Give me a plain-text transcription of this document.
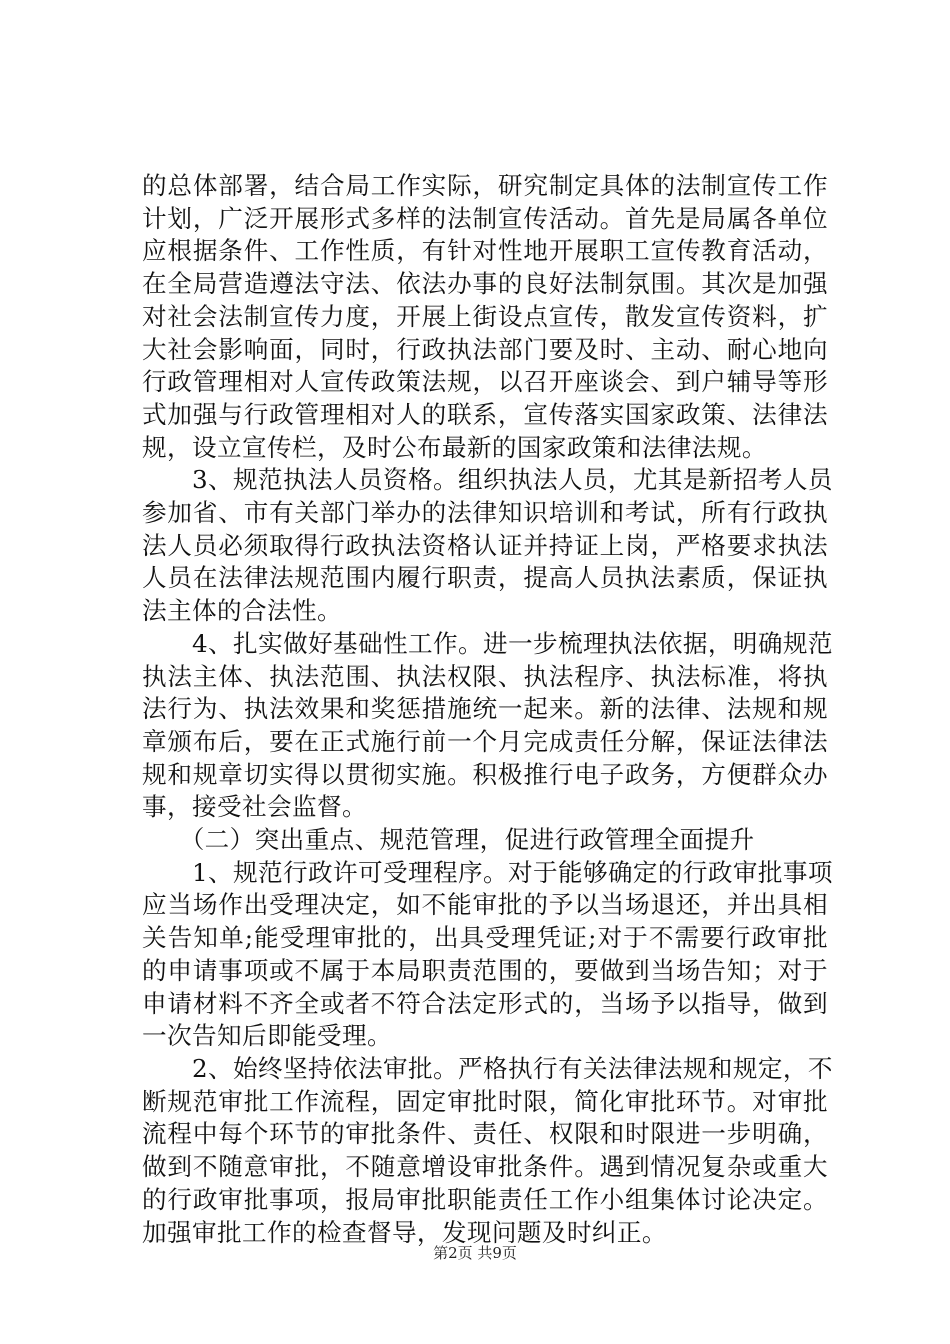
的总体部署，结合局工作实际，研究制定具体的法制宣传工作
计划，广泛开展形式多样的法制宣传活动。首先是局属各单位
应根据条件、工作性质，有针对性地开展职工宣传教育活动，
在全局营造遵法守法、依法办事的良好法制氛围。其次是加强
对社会法制宣传力度，开展上街设点宣传，散发宣传资料，扩
大社会影响面，同时，行政执法部门要及时、主动、耐心地向
行政管理相对人宣传政策法规，以召开座谈会、到户辅导等形
式加强与行政管理相对人的联系，宣传落实国家政策、法律法
规，设立宣传栏，及时公布最新的国家政策和法律法规。
　　3、规范执法人员资格。组织执法人员，尤其是新招考人员
参加省、市有关部门举办的法律知识培训和考试，所有行政执
法人员必须取得行政执法资格认证并持证上岗，严格要求执法
人员在法律法规范围内履行职责，提高人员执法素质，保证执
法主体的合法性。
　　4、扎实做好基础性工作。进一步梳理执法依据，明确规范
执法主体、执法范围、执法权限、执法程序、执法标准，将执
法行为、执法效果和奖惩措施统一起来。新的法律、法规和规
章颁布后，要在正式施行前一个月完成责任分解，保证法律法
规和规章切实得以贯彻实施。积极推行电子政务，方便群众办
事，接受社会监督。
　　（二）突出重点、规范管理，促进行政管理全面提升
　　1、规范行政许可受理程序。对于能够确定的行政审批事项
应当场作出受理决定，如不能审批的予以当场退还，并出具相
关告知单;能受理审批的，出具受理凭证;对于不需要行政审批
的申请事项或不属于本局职责范围的，要做到当场告知；对于
申请材料不齐全或者不符合法定形式的，当场予以指导，做到
一次告知后即能受理。
　　2、始终坚持依法审批。严格执行有关法律法规和规定，不
断规范审批工作流程，固定审批时限，简化审批环节。对审批
流程中每个环节的审批条件、责任、权限和时限进一步明确，
做到不随意审批，不随意增设审批条件。遇到情况复杂或重大
的行政审批事项，报局审批职能责任工作小组集体讨论决定。
加强审批工作的检查督导，发现问题及时纠正。

第2页 共9页
